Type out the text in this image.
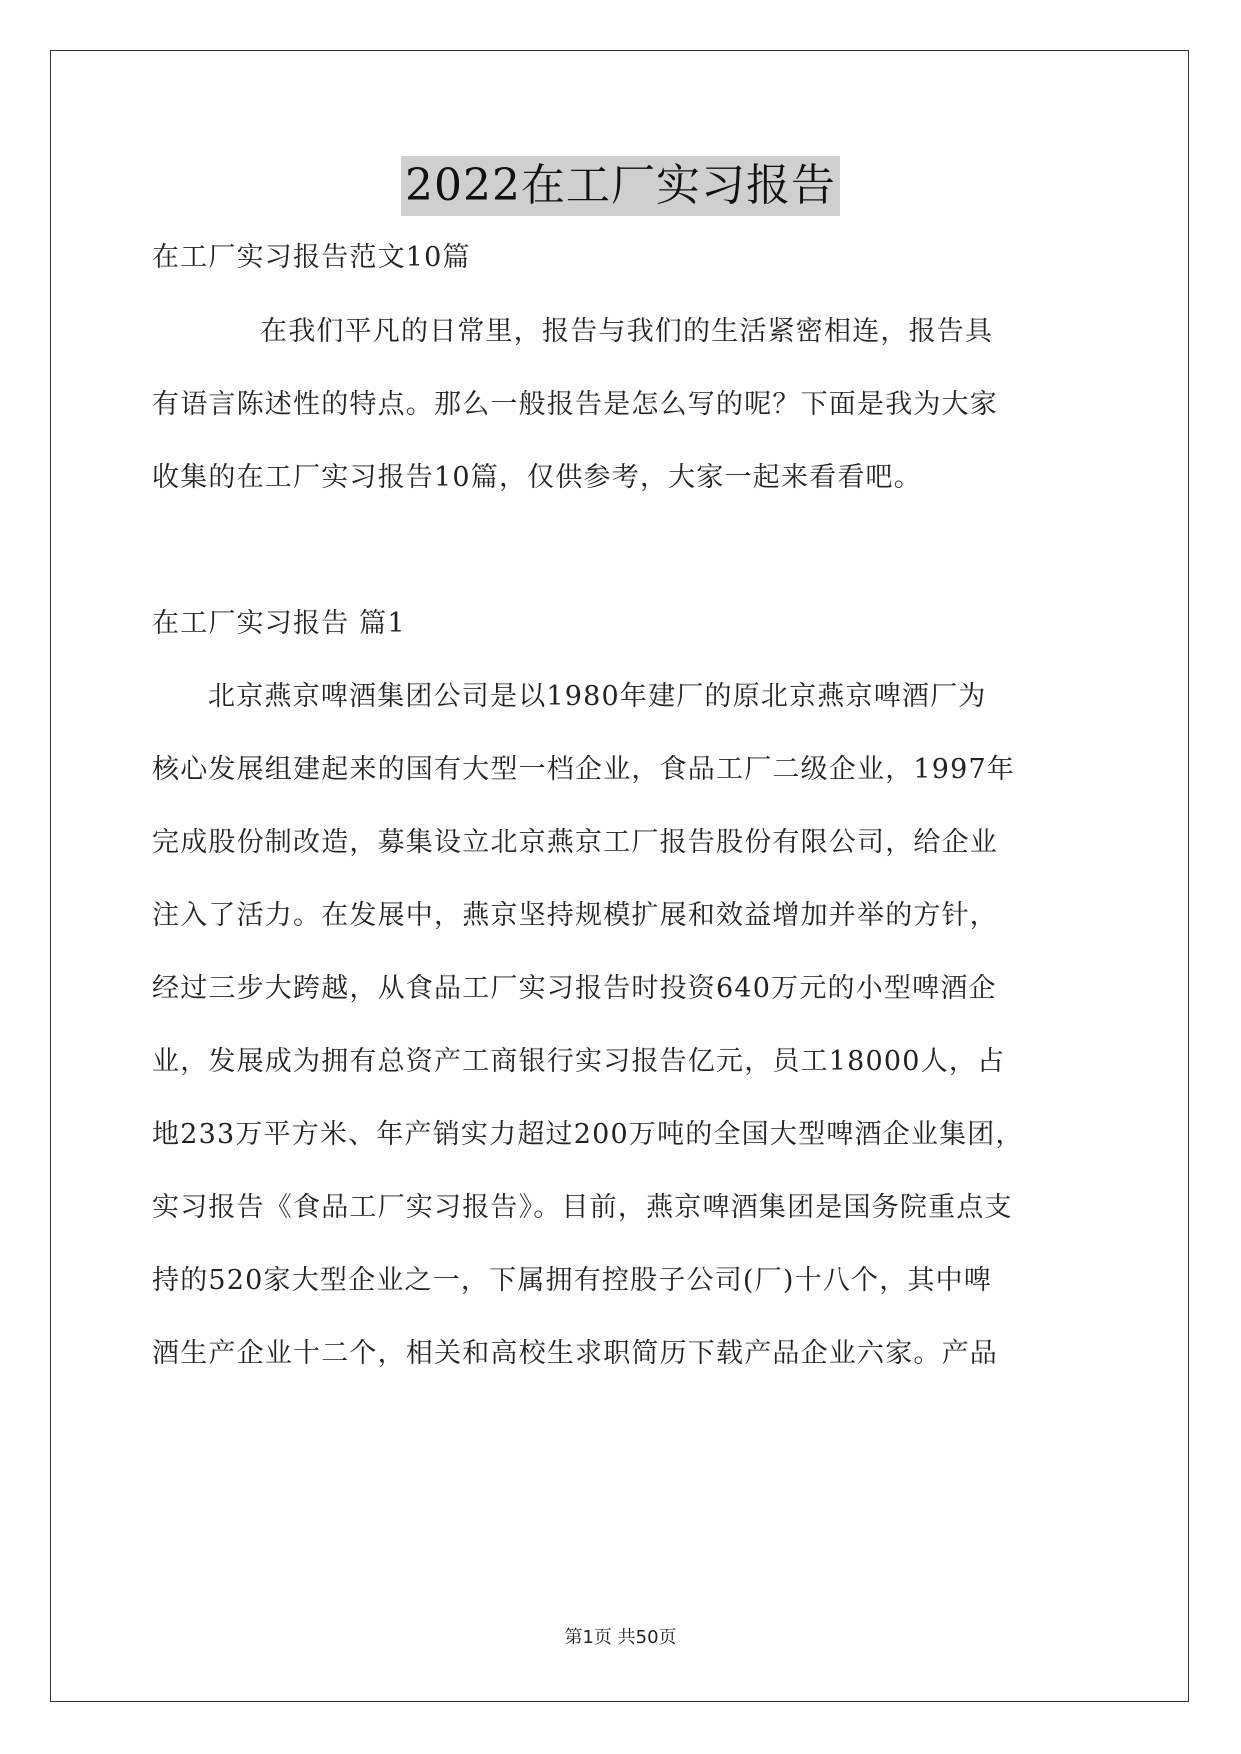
2022在工厂实习报告
在工厂实习报告范文10篇
在我们平凡的日常里，报告与我们的生活紧密相连，报告具
有语言陈述性的特点。那么一般报告是怎么写的呢？下面是我为大家
收集的在工厂实习报告10篇，仅供参考，大家一起来看看吧。
在工厂实习报告 篇1
北京燕京啤酒集团公司是以1980年建厂的原北京燕京啤酒厂为
核心发展组建起来的国有大型一档企业，食品工厂二级企业，1997年
完成股份制改造，募集设立北京燕京工厂报告股份有限公司，给企业
注入了活力。在发展中，燕京坚持规模扩展和效益增加并举的方针，
经过三步大跨越，从食品工厂实习报告时投资640万元的小型啤酒企
业，发展成为拥有总资产工商银行实习报告亿元，员工18000人，占
地233万平方米、年产销实力超过200万吨的全国大型啤酒企业集团，
实习报告《食品工厂实习报告》。目前，燕京啤酒集团是国务院重点支
持的520家大型企业之一，下属拥有控股子公司(厂)十八个，其中啤
酒生产企业十二个，相关和高校生求职简历下载产品企业六家。产品
第1页 共50页
